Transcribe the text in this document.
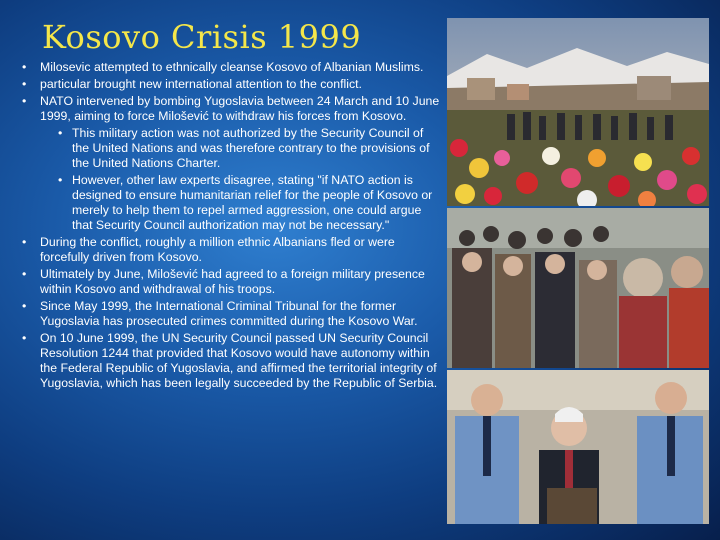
Kosovo Crisis 1999
•	Milosevic attempted to ethnically cleanse Kosovo of Albanian Muslims.
•	particular brought new international attention to the conflict.
•	NATO intervened by bombing Yugoslavia between 24 March and 10 June 1999, aiming to force Milošević to withdraw his forces from Kosovo.
• This military action was not authorized by the Security Council of the United Nations and was therefore contrary to the provisions of the United Nations Charter.
• However, other law experts disagree, stating "if NATO action is designed to ensure humanitarian relief for the people of Kosovo or merely to help them to repel armed aggression, one could argue that Security Council authorization may not be necessary."
•	During the conflict, roughly a million ethnic Albanians fled or were forcefully driven from Kosovo.
•	Ultimately by June, Milošević had agreed to a foreign military presence within Kosovo and withdrawal of his troops.
•	Since May 1999, the International Criminal Tribunal for the former Yugoslavia has prosecuted crimes committed during the Kosovo War.
•	On 10 June 1999, the UN Security Council passed UN Security Council Resolution 1244 that provided that Kosovo would have autonomy within the Federal Republic of Yugoslavia, and affirmed the territorial integrity of Yugoslavia, which has been legally succeeded by the Republic of Serbia.
